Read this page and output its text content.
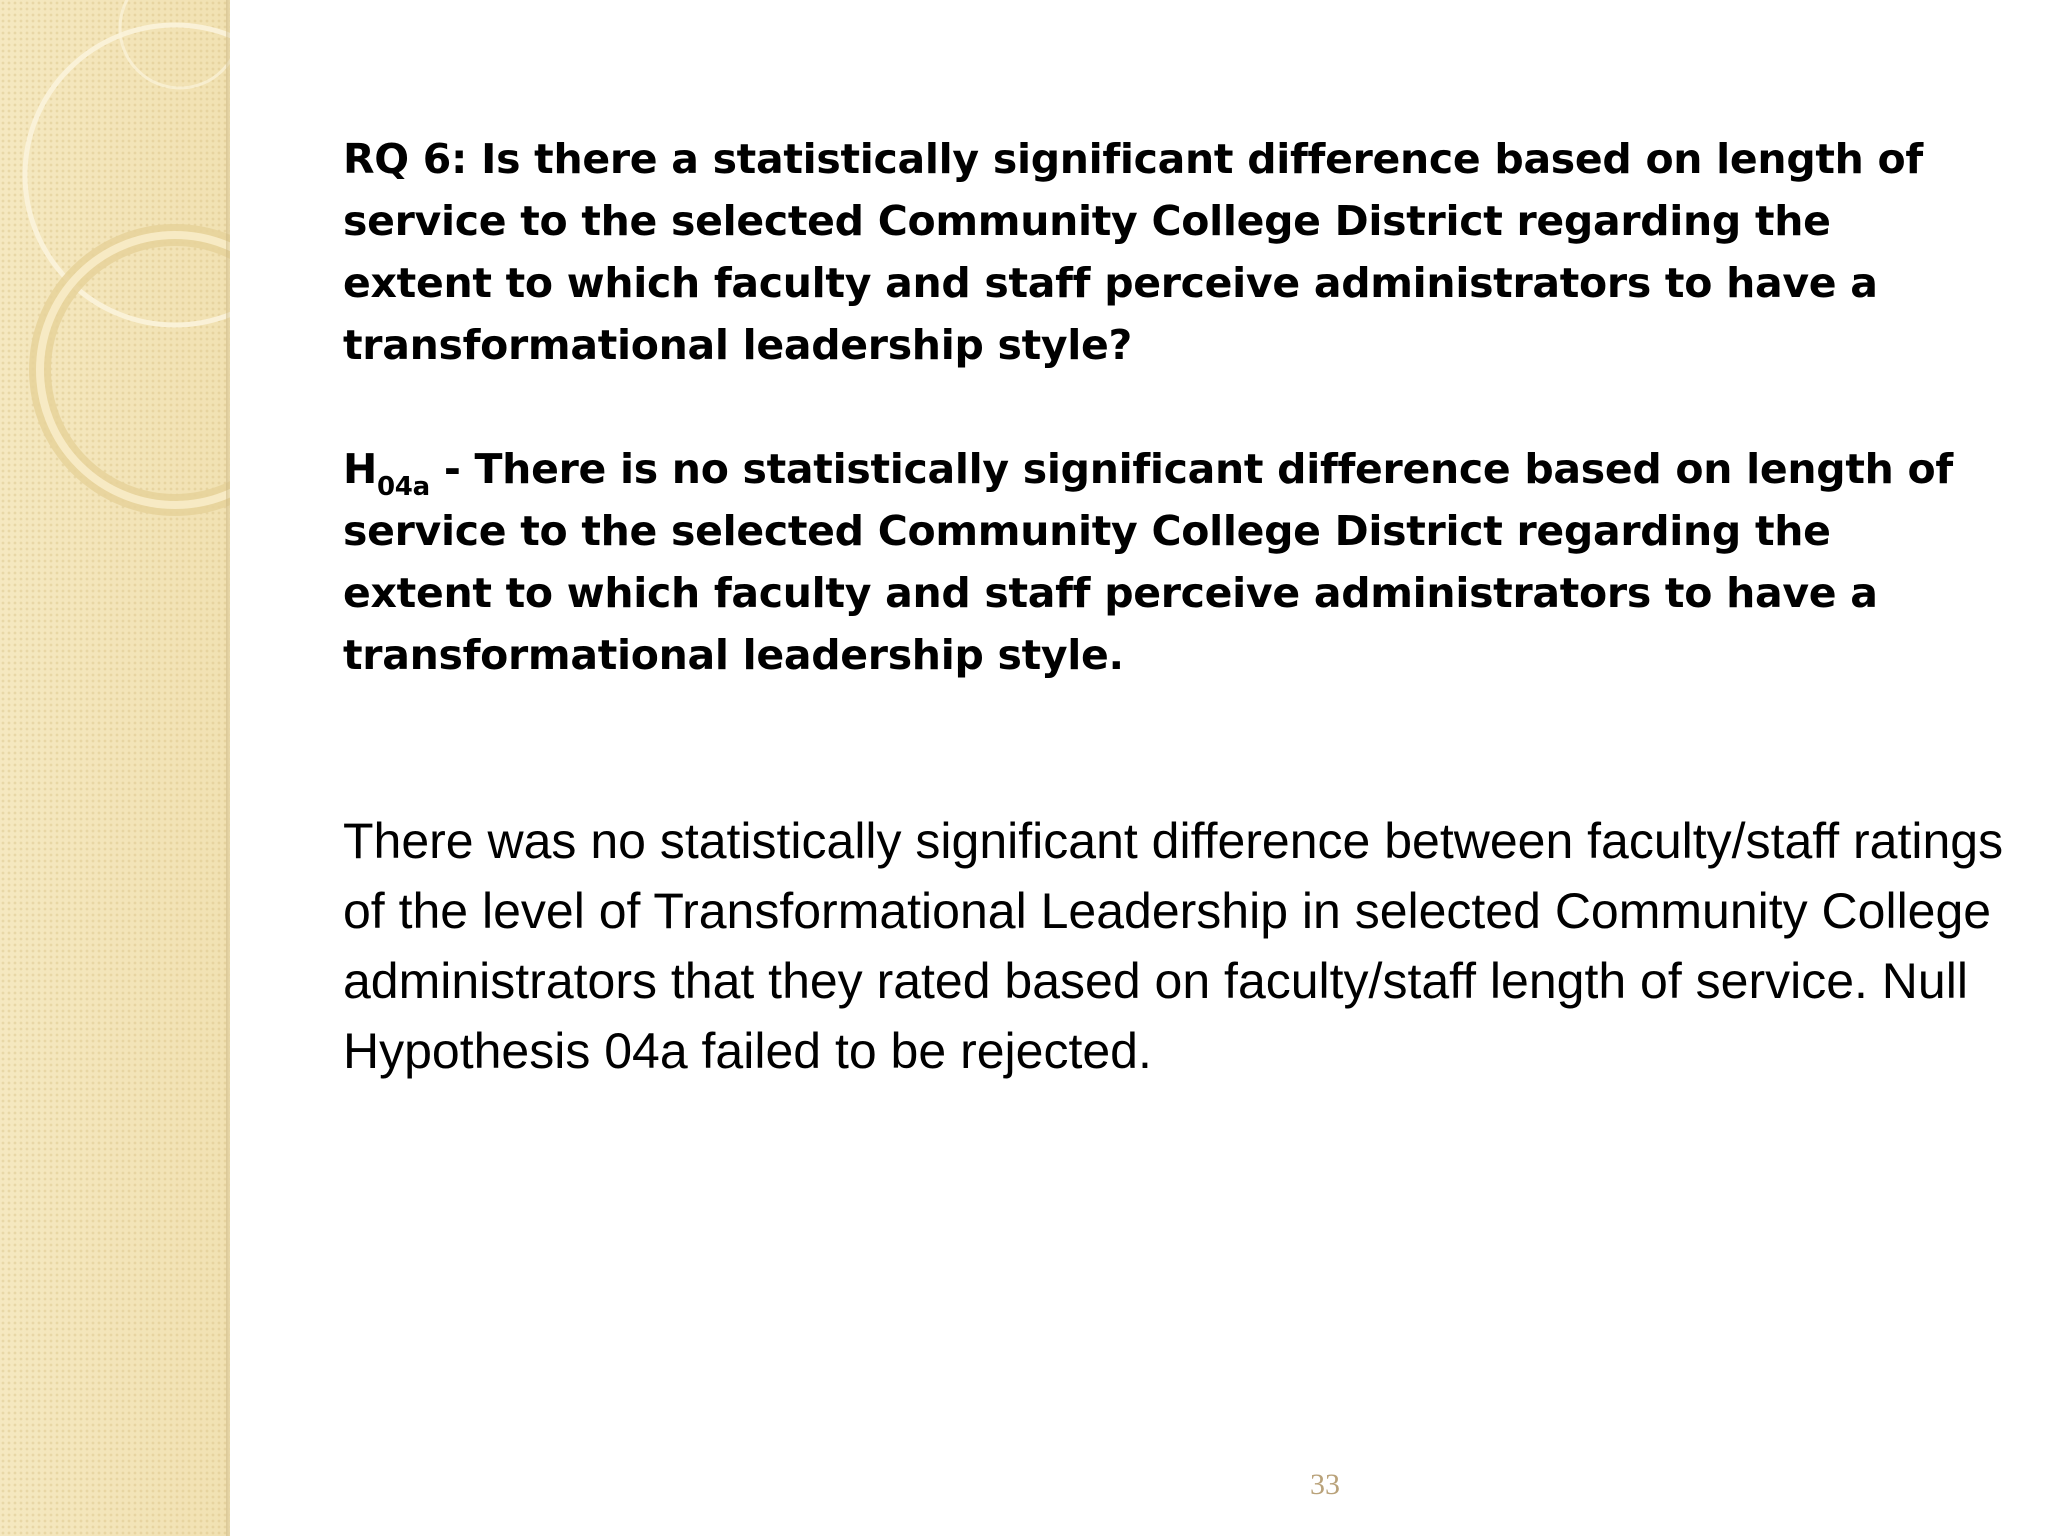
RQ 6: Is there a statistically significant difference based on length of service to the selected Community College District regarding the extent to which faculty and staff perceive administrators to have a transformational leadership style?

$H_{04a}$ - There is no statistically significant difference based on length of service to the selected Community College District regarding the extent to which faculty and staff perceive administrators to have a transformational leadership style.

There was no statistically significant difference between faculty/staff ratings of the level of Transformational Leadership in selected Community College administrators that they rated based on faculty/staff length of service. Null Hypothesis 04a failed to be rejected.

33
